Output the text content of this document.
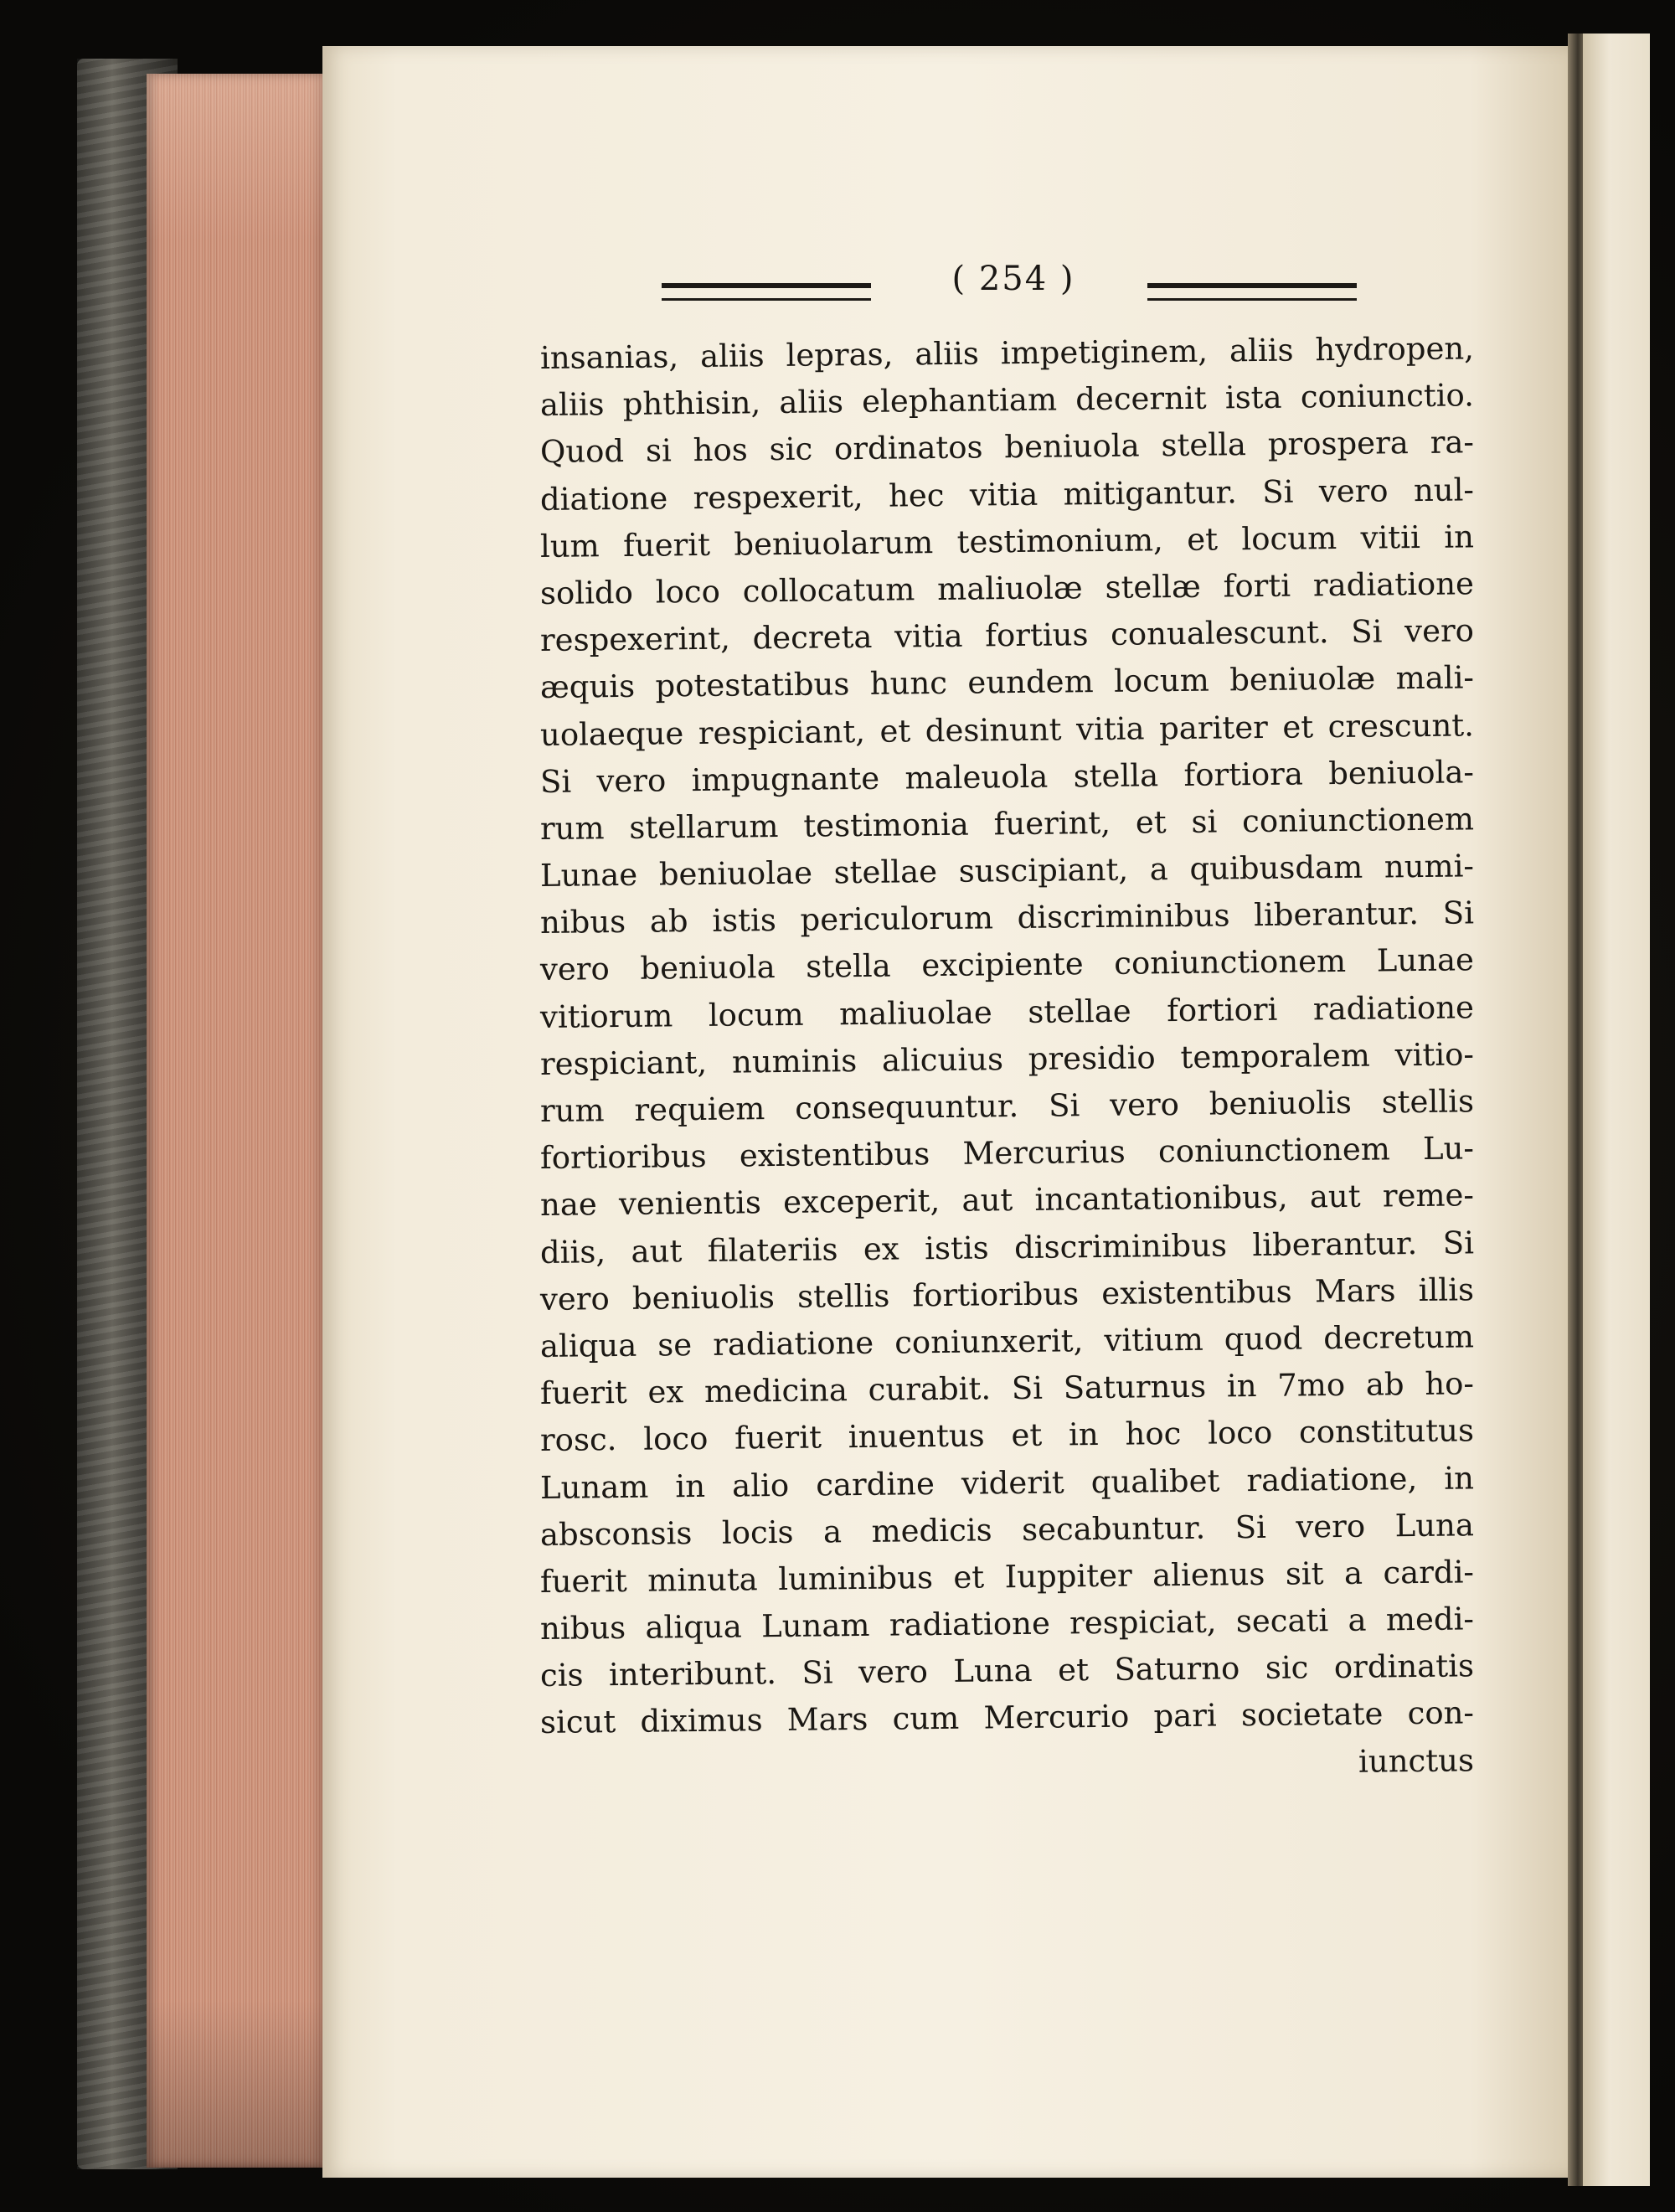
( 254 )
insanias, aliis lepras, aliis impetiginem, aliis hydropen,
aliis phthisin, aliis elephantiam decernit ista coniunctio.
Quod si hos sic ordinatos beniuola stella prospera ra-
diatione respexerit, hec vitia mitigantur. Si vero nul-
lum fuerit beniuolarum testimonium, et locum vitii in
solido loco collocatum maliuolæ stellæ forti radiatione
respexerint, decreta vitia fortius conualescunt. Si vero
æquis potestatibus hunc eundem locum beniuolæ mali-
uolaeque respiciant, et desinunt vitia pariter et crescunt.
Si vero impugnante maleuola stella fortiora beniuola-
rum stellarum testimonia fuerint, et si coniunctionem
Lunae beniuolae stellae suscipiant, a quibusdam numi-
nibus ab istis periculorum discriminibus liberantur. Si
vero beniuola stella excipiente coniunctionem Lunae
vitiorum locum maliuolae stellae fortiori radiatione
respiciant, numinis alicuius presidio temporalem vitio-
rum requiem consequuntur. Si vero beniuolis stellis
fortioribus existentibus Mercurius coniunctionem Lu-
nae venientis exceperit, aut incantationibus, aut reme-
diis, aut filateriis ex istis discriminibus liberantur. Si
vero beniuolis stellis fortioribus existentibus Mars illis
aliqua se radiatione coniunxerit, vitium quod decretum
fuerit ex medicina curabit. Si Saturnus in 7mo ab ho-
rosc. loco fuerit inuentus et in hoc loco constitutus
Lunam in alio cardine viderit qualibet radiatione, in
absconsis locis a medicis secabuntur. Si vero Luna
fuerit minuta luminibus et Iuppiter alienus sit a cardi-
nibus aliqua Lunam radiatione respiciat, secati a medi-
cis interibunt. Si vero Luna et Saturno sic ordinatis
sicut diximus Mars cum Mercurio pari societate con-
iunctus
